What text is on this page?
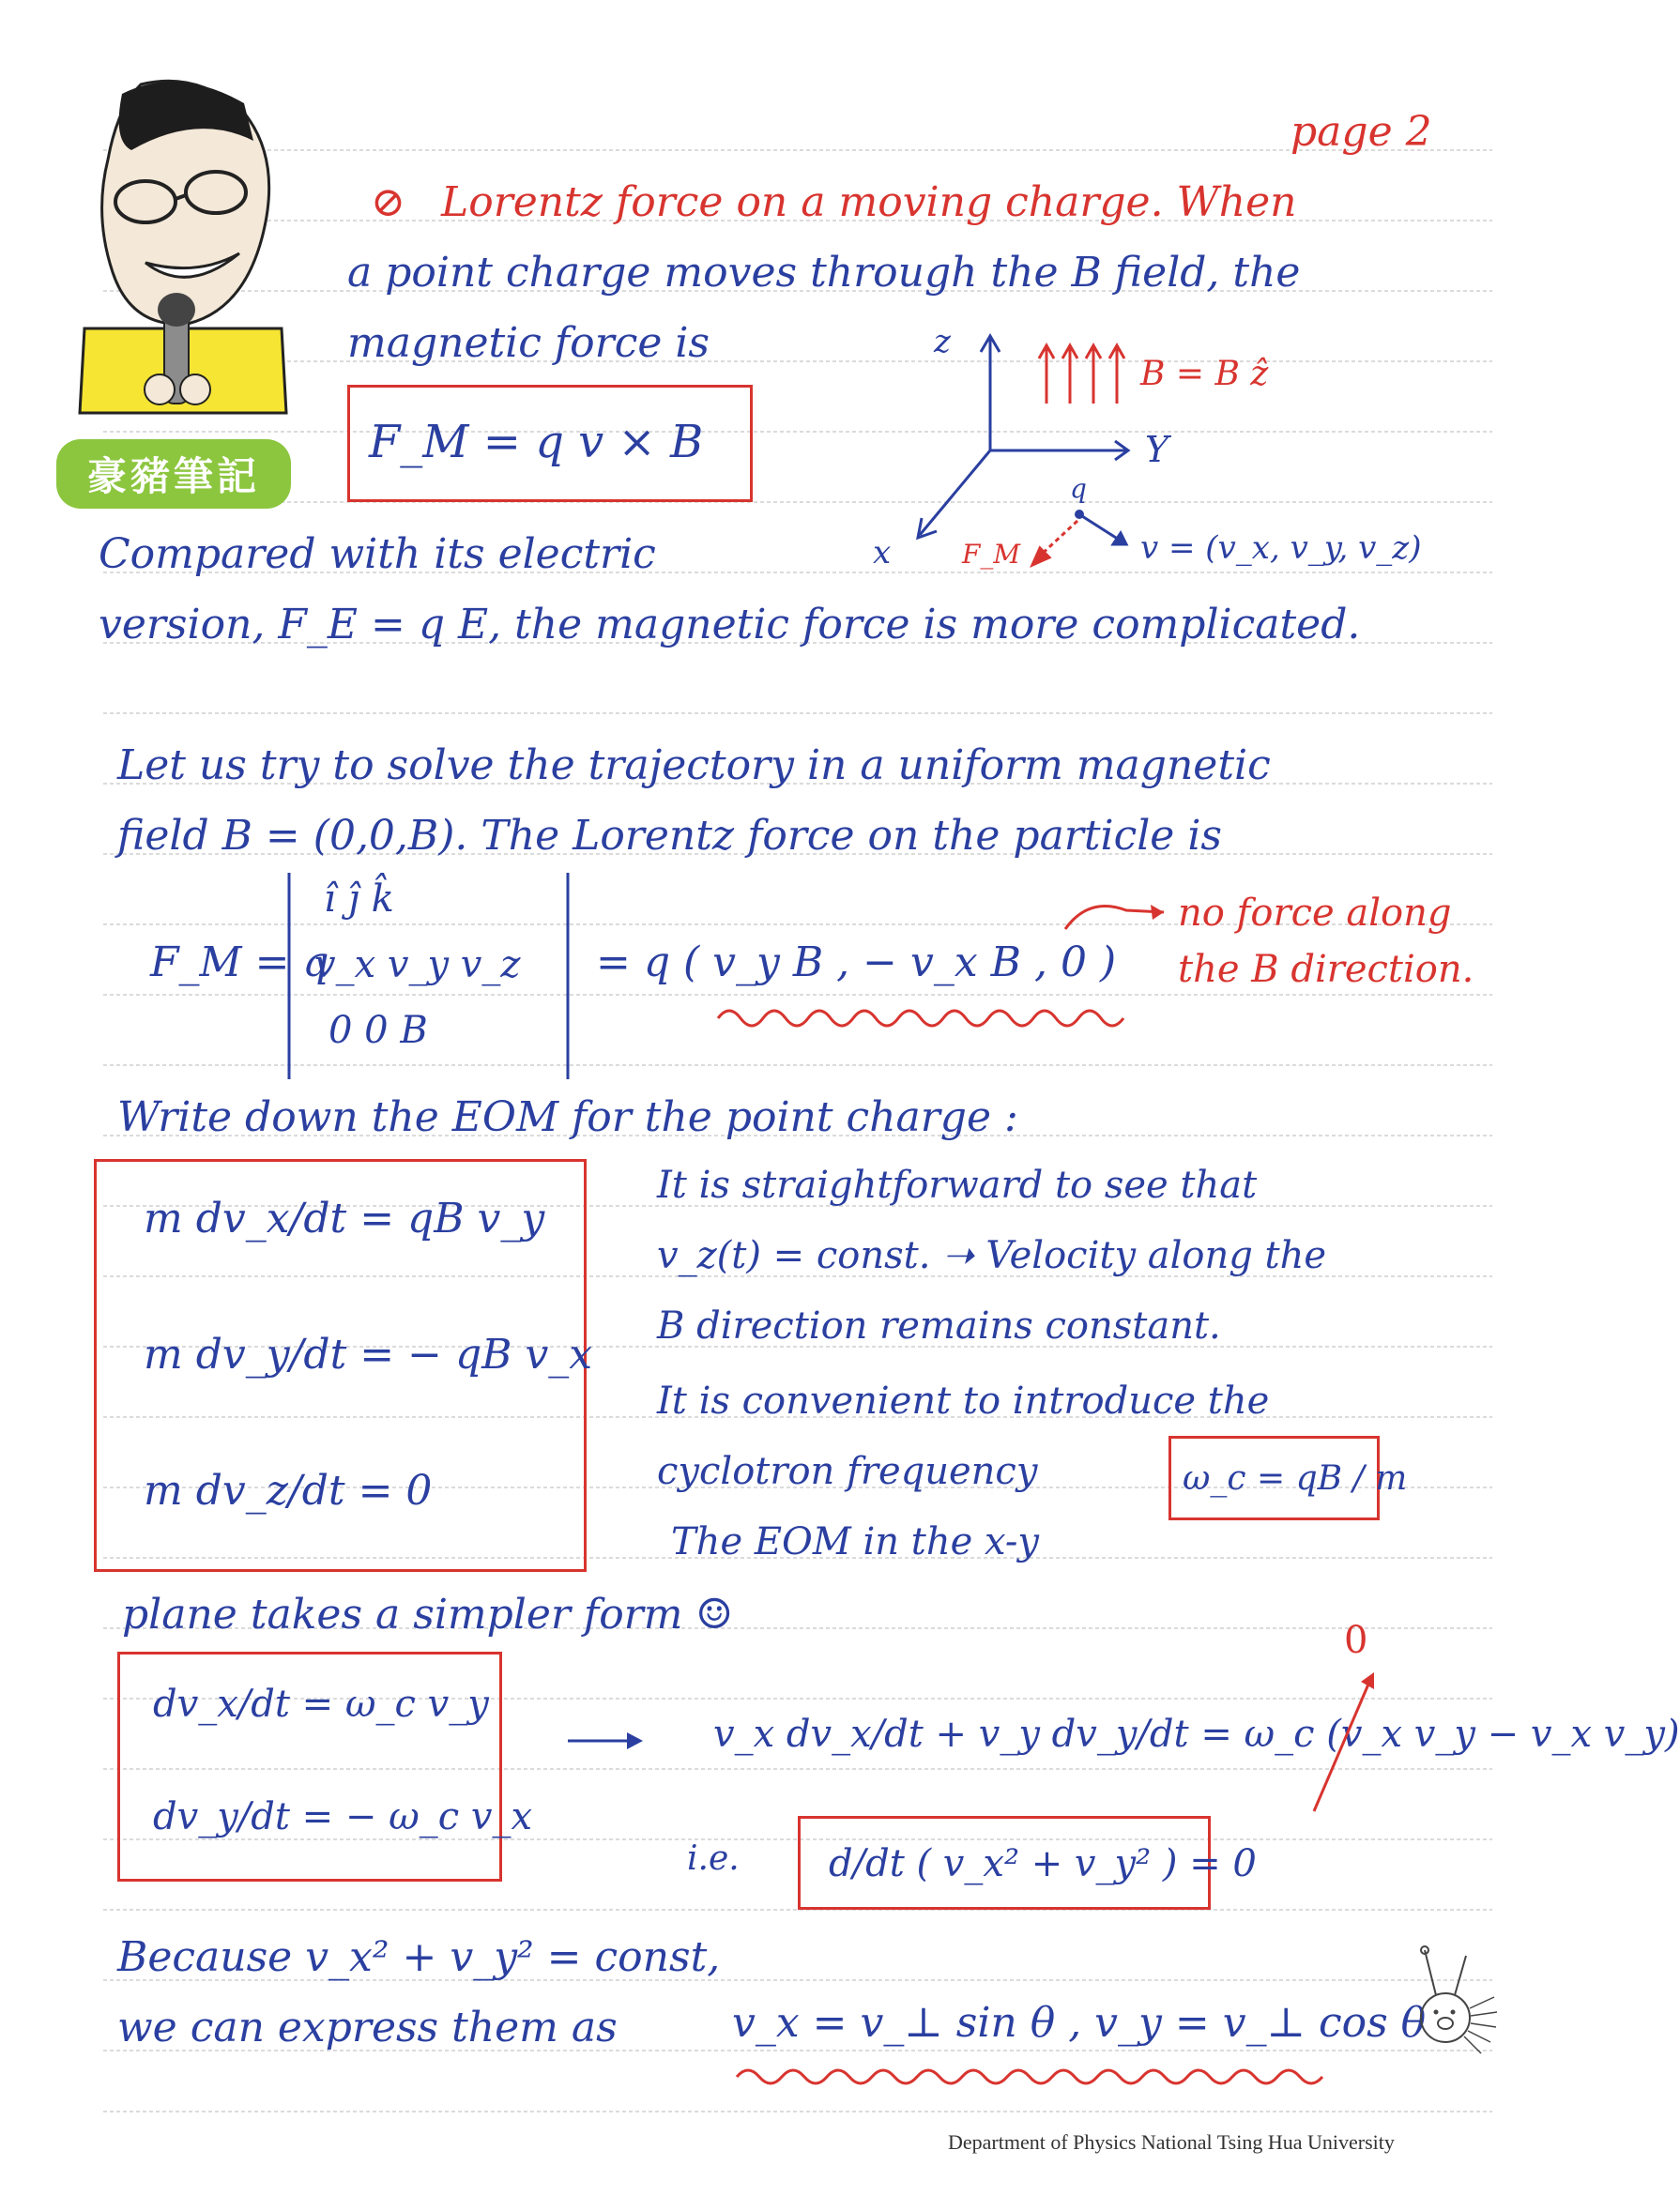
豪豬筆記
page 2
⊘ Lorentz force on a moving charge. When
a point charge moves through the B field, the
magnetic force is
F_M = q v × B
z
Y
x
q
F_M
B = B ẑ
v = (v_x, v_y, v_z)
Compared with its electric
version, F_E = q E, the magnetic force is more complicated.
Let us try to solve the trajectory in a uniform magnetic
field B = (0,0,B). The Lorentz force on the particle is
F_M = q
î ĵ k̂
v_x v_y v_z
0 0 B
= q ( v_y B , − v_x B , 0 )
no force along
the B direction.
Write down the EOM for the point charge :
m dv_x/dt = qB v_y
m dv_y/dt = − qB v_x
m dv_z/dt = 0
It is straightforward to see that
v_z(t) = const. ➝ Velocity along the
B direction remains constant.
It is convenient to introduce the
cyclotron frequency	ω_c = qB / m
The EOM in the x-y
plane takes a simpler form ☺
dv_x/dt = ω_c v_y
dv_y/dt = − ω_c v_x
v_x dv_x/dt + v_y dv_y/dt = ω_c (v_x v_y − v_x v_y)
0
i.e. d/dt ( v_x² + v_y² ) = 0
Because v_x² + v_y² = const,
we can express them as	v_x = v_⊥ sin θ , v_y = v_⊥ cos θ
Department of Physics National Tsing Hua University
